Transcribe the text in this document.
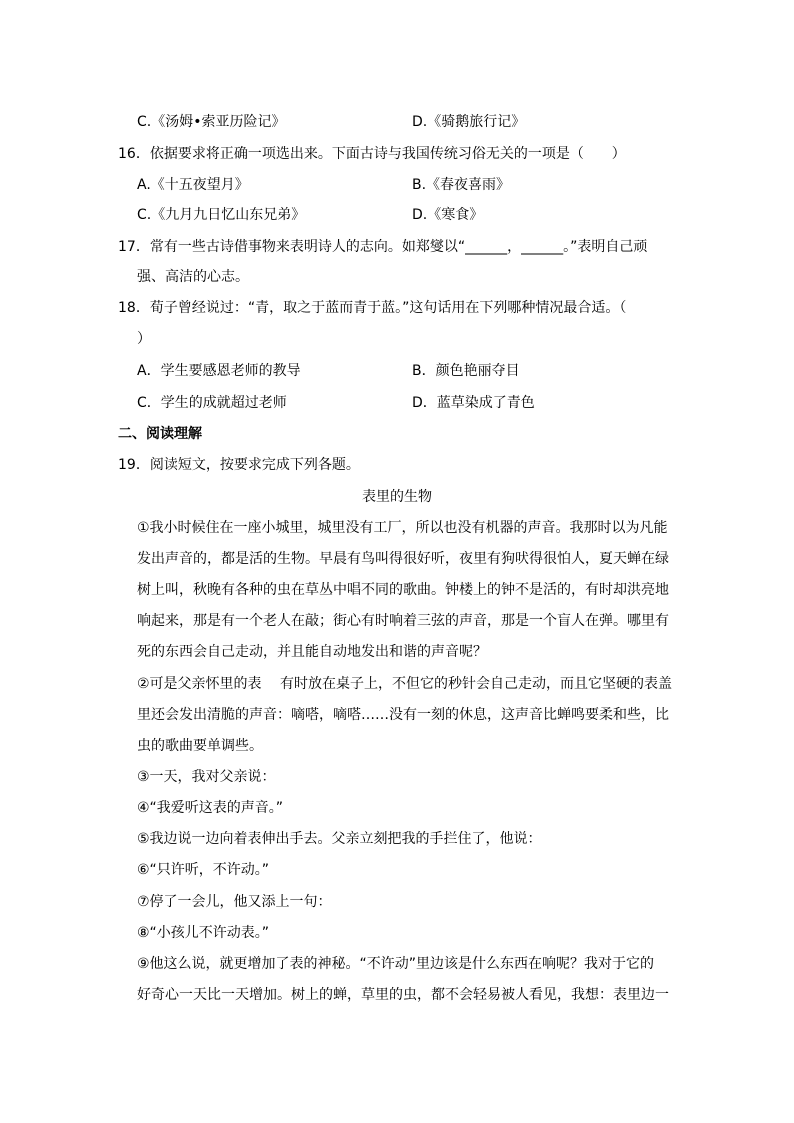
C.《汤姆•索亚历险记》	D.《骑鹅旅行记》
16．依据要求将正确一项选出来。下面古诗与我国传统习俗无关的一项是（　　）
A.《十五夜望月》	B.《春夜喜雨》
C.《九月九日忆山东兄弟》	D.《寒食》
17．常有一些古诗借事物来表明诗人的志向。如郑燮以“______，______。”表明自己顽
强、高洁的心志。
18．荀子曾经说过：“青，取之于蓝而青于蓝。”这句话用在下列哪种情况最合适。（
）
A．学生要感恩老师的教导	B．颜色艳丽夺目
C．学生的成就超过老师	D．蓝草染成了青色
二、阅读理解
19．阅读短文，按要求完成下列各题。
表里的生物
①我小时候住在一座小城里，城里没有工厂，所以也没有机器的声音。我那时以为凡能
发出声音的，都是活的生物。早晨有鸟叫得很好听，夜里有狗吠得很怕人，夏天蝉在绿
树上叫，秋晚有各种的虫在草丛中唱不同的歌曲。钟楼上的钟不是活的，有时却洪亮地
响起来，那是有一个老人在敲；街心有时响着三弦的声音，那是一个盲人在弹。哪里有
死的东西会自己走动，并且能自动地发出和谐的声音呢？
②可是父亲怀里的表　 有时放在桌子上，不但它的秒针会自己走动，而且它坚硬的表盖
里还会发出清脆的声音：嘀嗒，嘀嗒……没有一刻的休息，这声音比蝉鸣要柔和些，比
虫的歌曲要单调些。
③一天，我对父亲说：
④“我爱听这表的声音。”
⑤我边说一边向着表伸出手去。父亲立刻把我的手拦住了，他说：
⑥“只许听，不许动。”
⑦停了一会儿，他又添上一句：
⑧“小孩儿不许动表。”
⑨他这么说，就更增加了表的神秘。“不许动”里边该是什么东西在响呢？我对于它的
好奇心一天比一天增加。树上的蝉，草里的虫，都不会轻易被人看见，我想：表里边一
